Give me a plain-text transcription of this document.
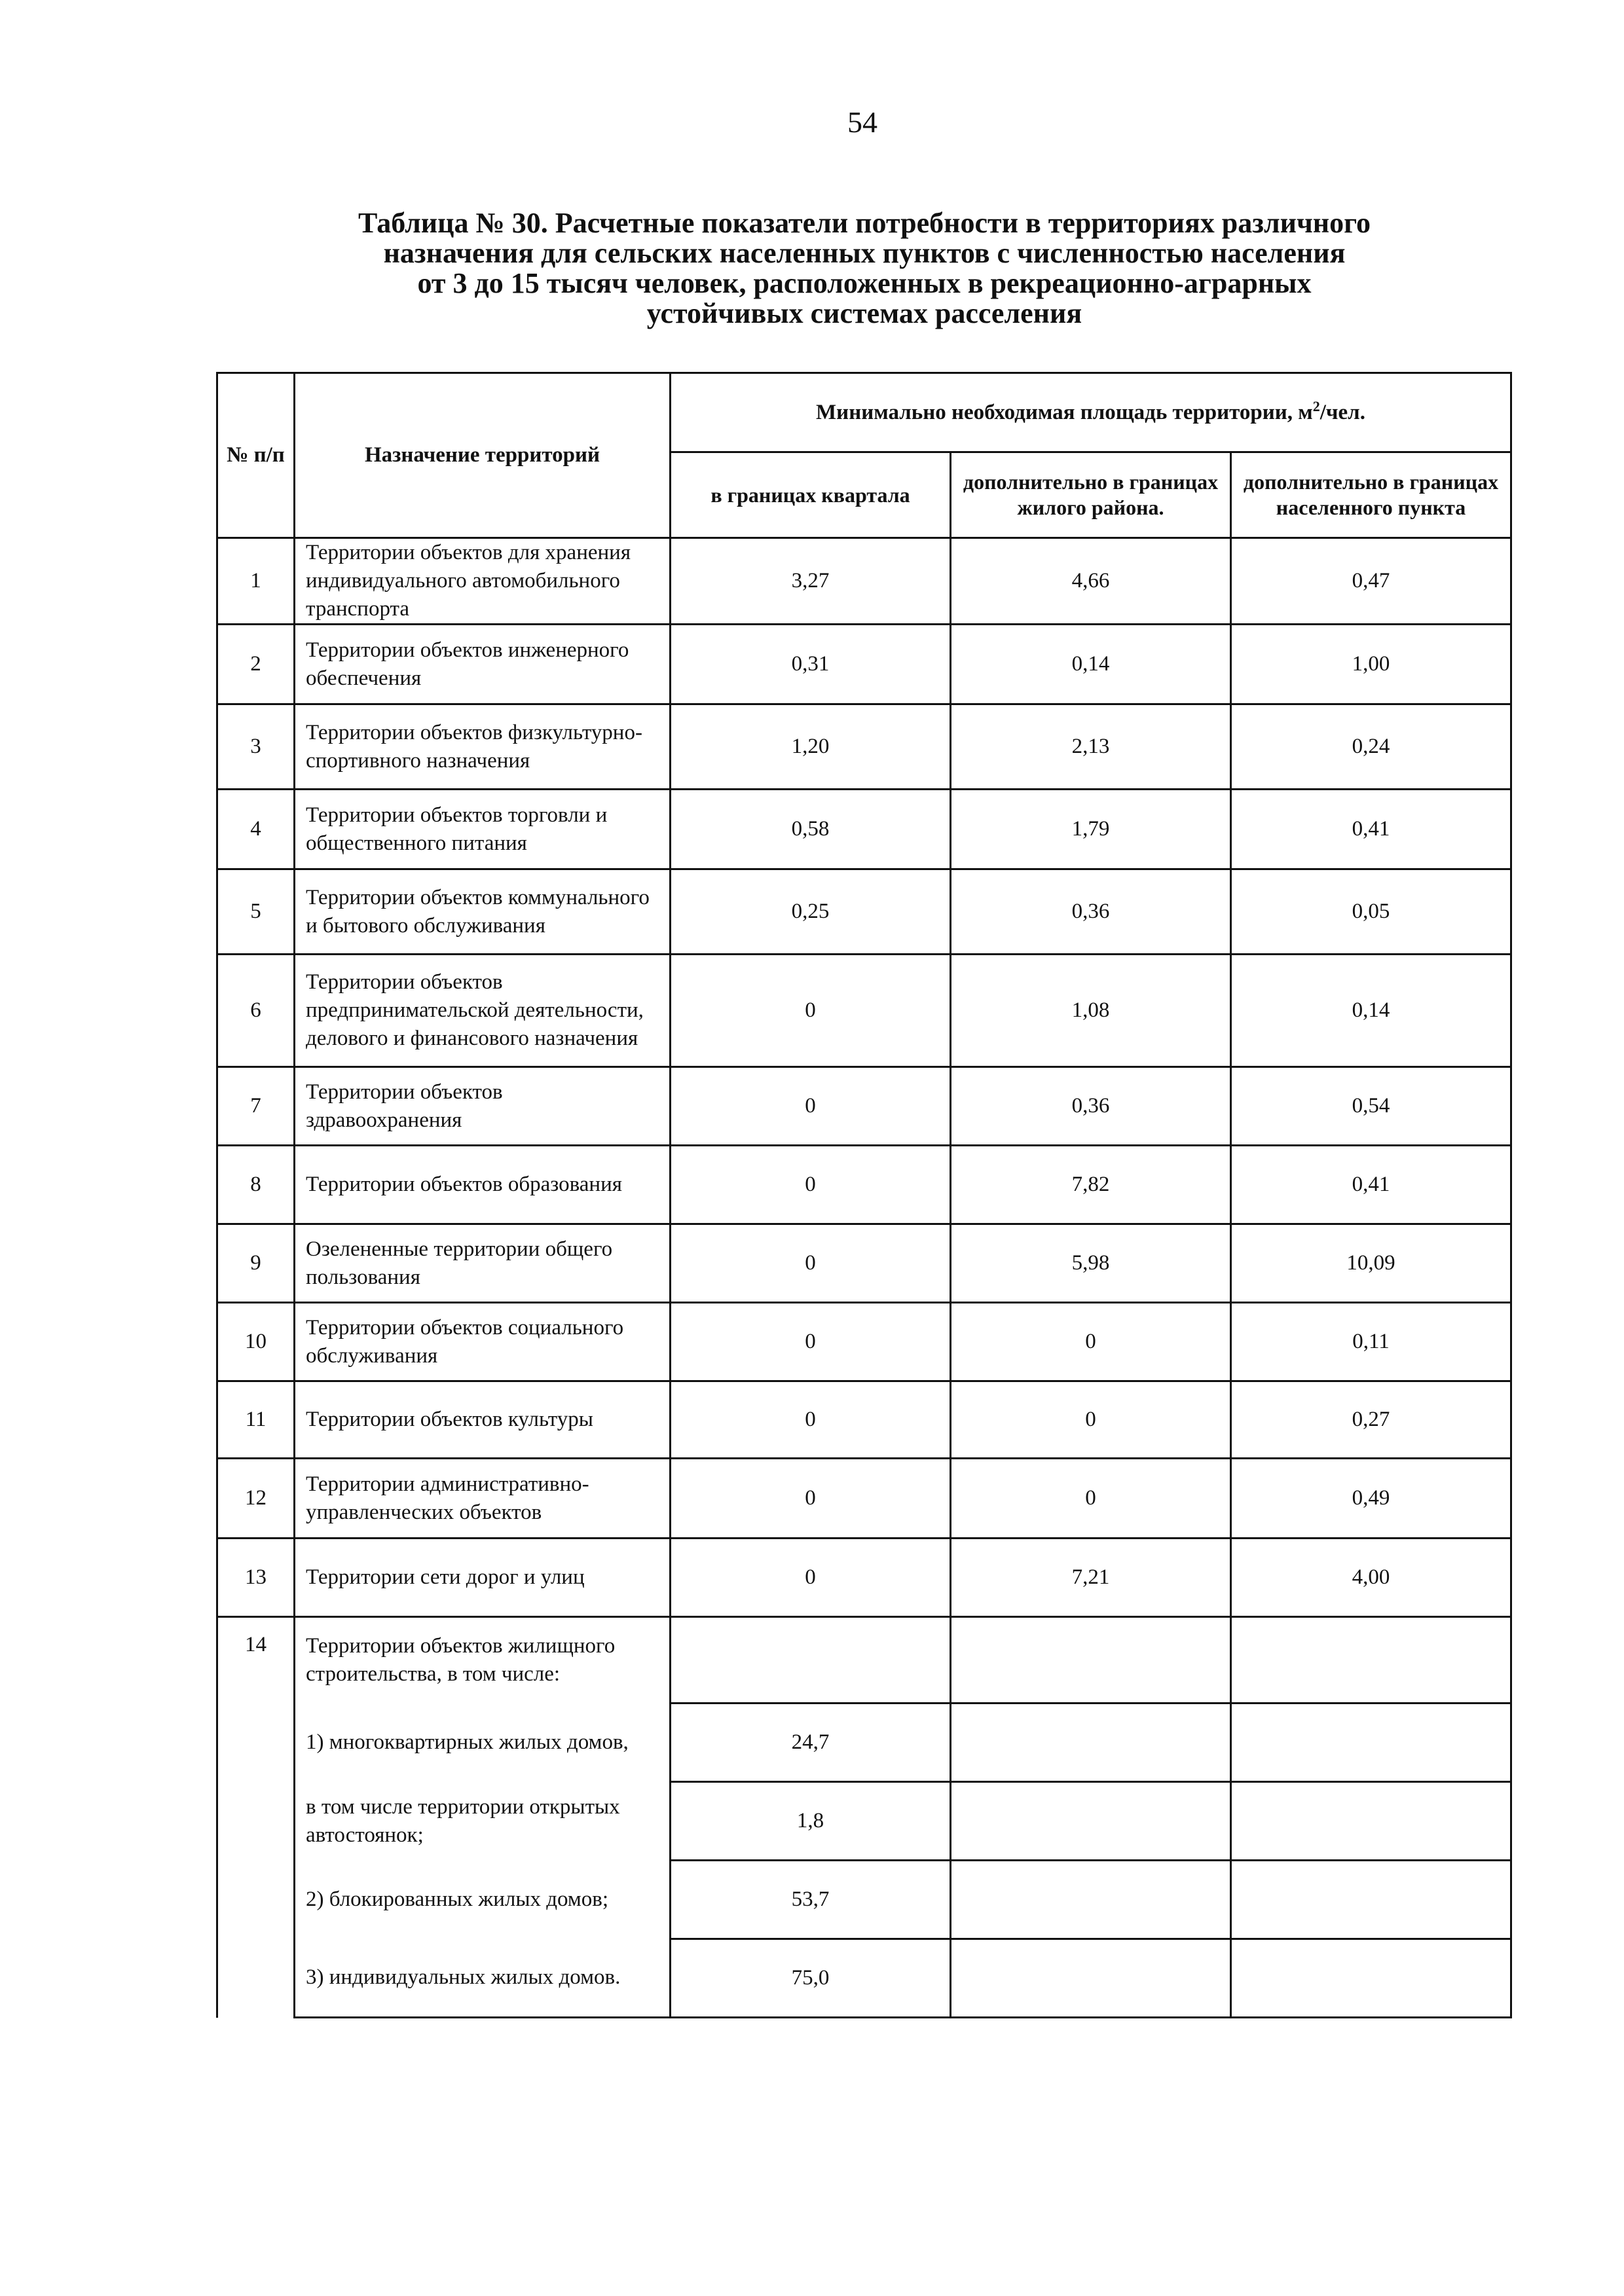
54
Таблица № 30. Расчетные показатели потребности в территориях различного
назначения для сельских населенных пунктов с численностью населения
от 3 до 15 тысяч человек, расположенных в рекреационно-аграрных
устойчивых системах расселения
№ п/п	Назначение территорий	Минимально необходимая площадь территории, $м^2$/чел.		
		в границах квартала	дополнительно в границах жилого района.	дополнительно в границах населенного пункта
1	Территории объектов для хранения индивидуального автомобильного транспорта	3,27	4,66	0,47
2	Территории объектов инженерного обеспечения	0,31	0,14	1,00
3	Территории объектов физкультурно-спортивного назначения	1,20	2,13	0,24
4	Территории объектов торговли и общественного питания	0,58	1,79	0,41
5	Территории объектов коммунального и бытового обслуживания	0,25	0,36	0,05
6	Территории объектов предпринимательской деятельности, делового и финансового назначения	0	1,08	0,14
7	Территории объектов здравоохранения	0	0,36	0,54
8	Территории объектов образования	0	7,82	0,41
9	Озелененные территории общего пользования	0	5,98	10,09
10	Территории объектов социального обслуживания	0	0	0,11
11	Территории объектов культуры	0	0	0,27
12	Территории административно-управленческих объектов	0	0	0,49
13	Территории сети дорог и улиц	0	7,21	4,00
14	Территории объектов жилищного строительства, в том числе:			
	1) многоквартирных жилых домов,	24,7		
	в том числе территории открытых автостоянок;	1,8		
	2) блокированных жилых домов;	53,7		
	3) индивидуальных жилых домов.	75,0		
